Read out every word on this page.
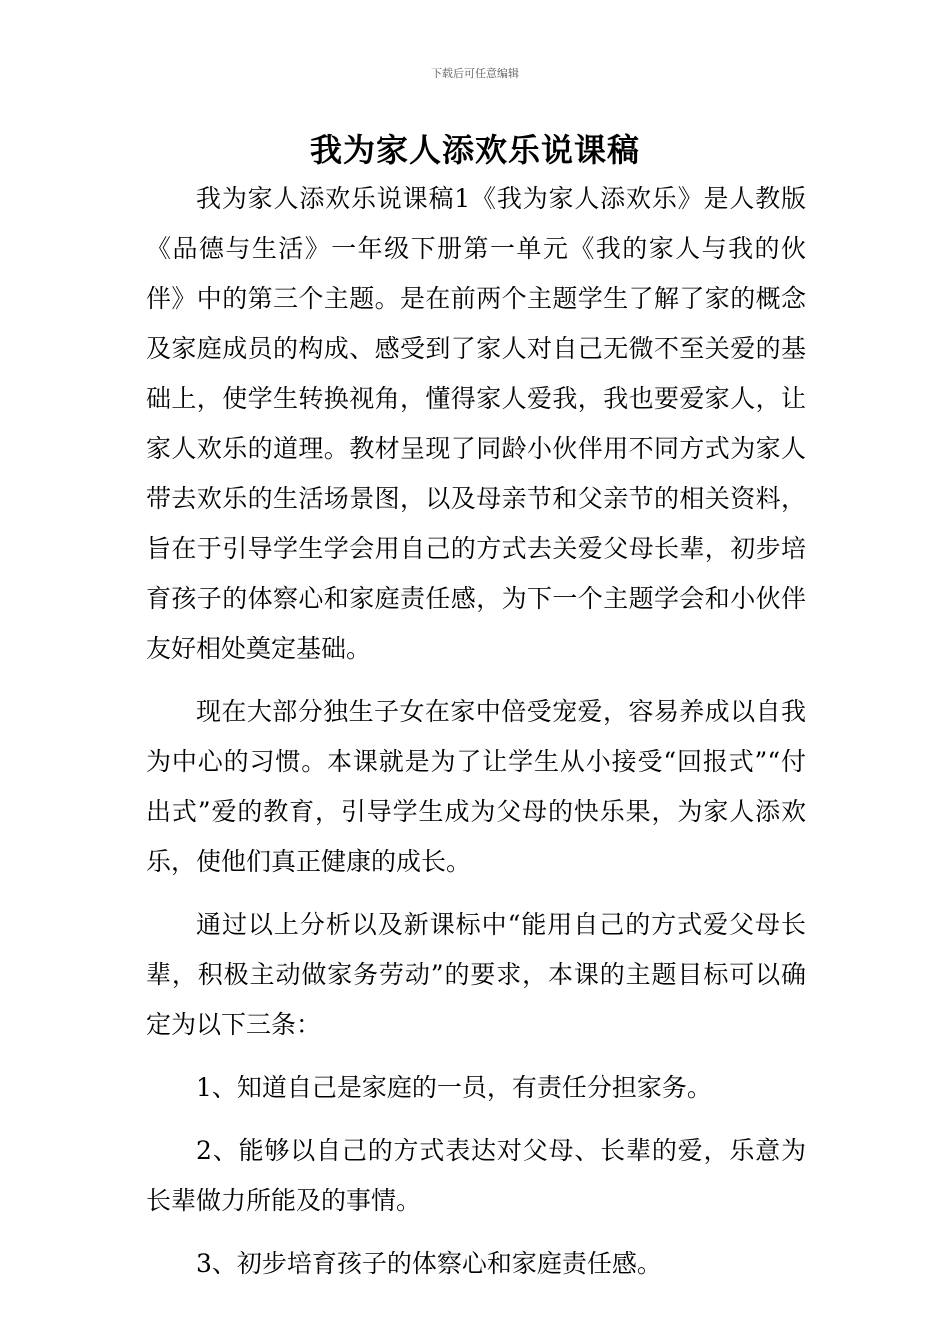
下载后可任意编辑
我为家人添欢乐说课稿

我为家人添欢乐说课稿1《我为家人添欢乐》是人教版《品德与生活》一年级下册第一单元《我的家人与我的伙伴》中的第三个主题。是在前两个主题学生了解了家的概念及家庭成员的构成、感受到了家人对自己无微不至关爱的基础上，使学生转换视角，懂得家人爱我，我也要爱家人，让家人欢乐的道理。教材呈现了同龄小伙伴用不同方式为家人带去欢乐的生活场景图，以及母亲节和父亲节的相关资料，旨在于引导学生学会用自己的方式去关爱父母长辈，初步培育孩子的体察心和家庭责任感，为下一个主题学会和小伙伴友好相处奠定基础。

现在大部分独生子女在家中倍受宠爱，容易养成以自我为中心的习惯。本课就是为了让学生从小接受“回报式”“付出式”爱的教育，引导学生成为父母的快乐果，为家人添欢乐，使他们真正健康的成长。

通过以上分析以及新课标中“能用自己的方式爱父母长辈，积极主动做家务劳动”的要求，本课的主题目标可以确定为以下三条：

1、知道自己是家庭的一员，有责任分担家务。

2、能够以自己的方式表达对父母、长辈的爱，乐意为长辈做力所能及的事情。

3、初步培育孩子的体察心和家庭责任感。
